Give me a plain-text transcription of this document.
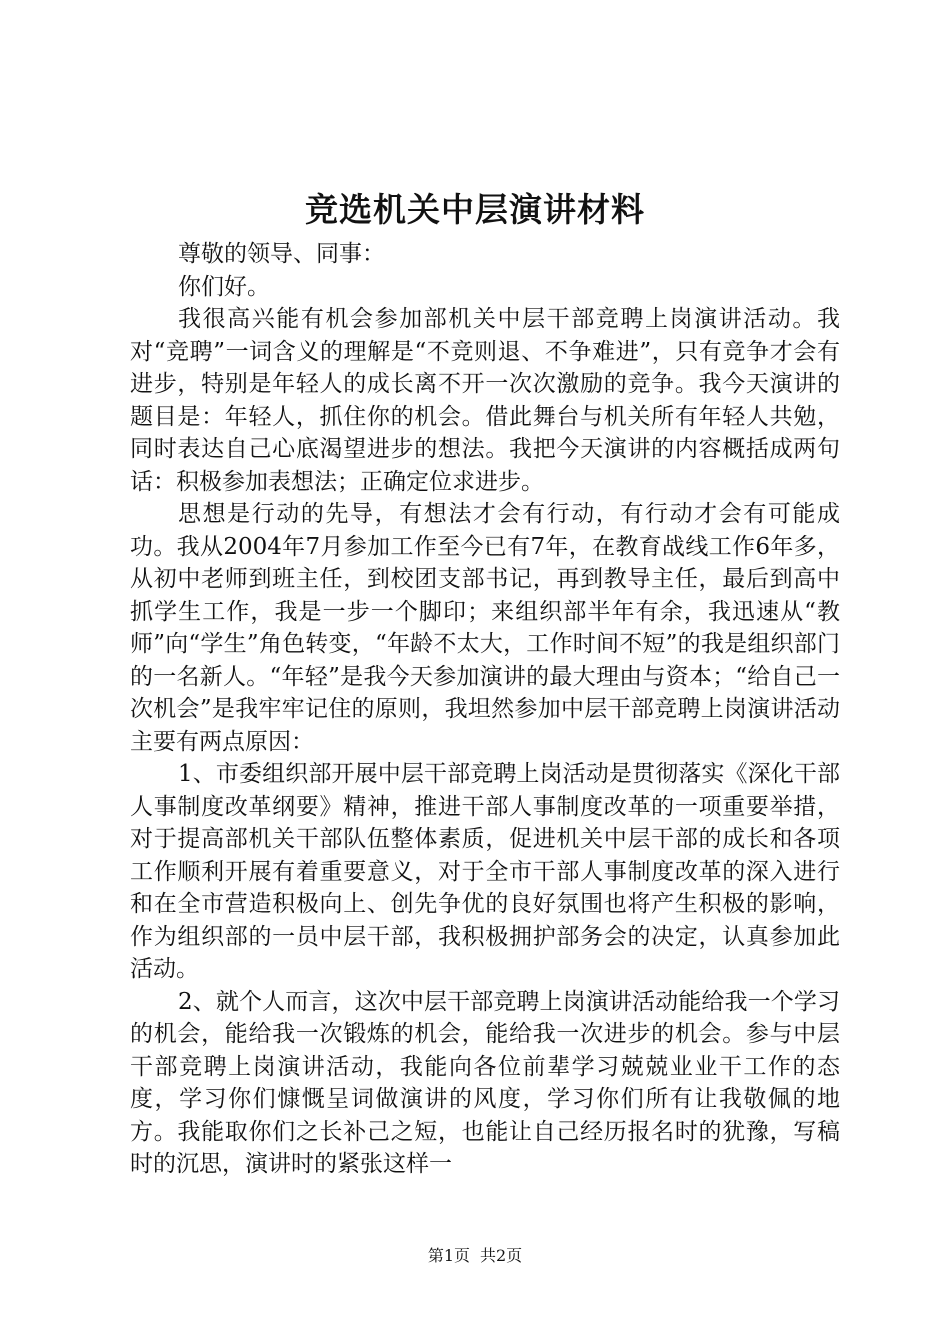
竞选机关中层演讲材料

尊敬的领导、同事：

你们好。

我很高兴能有机会参加部机关中层干部竞聘上岗演讲活动。我对“竞聘”一词含义的理解是“不竞则退、不争难进”，只有竞争才会有进步，特别是年轻人的成长离不开一次次激励的竞争。我今天演讲的题目是：年轻人，抓住你的机会。借此舞台与机关所有年轻人共勉，同时表达自己心底渴望进步的想法。我把今天演讲的内容概括成两句话：积极参加表想法；正确定位求进步。

思想是行动的先导，有想法才会有行动，有行动才会有可能成功。我从2004年7月参加工作至今已有7年，在教育战线工作6年多，从初中老师到班主任，到校团支部书记，再到教导主任，最后到高中抓学生工作，我是一步一个脚印；来组织部半年有余，我迅速从“教师”向“学生”角色转变，“年龄不太大，工作时间不短”的我是组织部门的一名新人。“年轻”是我今天参加演讲的最大理由与资本；“给自己一次机会”是我牢牢记住的原则，我坦然参加中层干部竞聘上岗演讲活动主要有两点原因：

1、市委组织部开展中层干部竞聘上岗活动是贯彻落实《深化干部人事制度改革纲要》精神，推进干部人事制度改革的一项重要举措，对于提高部机关干部队伍整体素质，促进机关中层干部的成长和各项工作顺利开展有着重要意义，对于全市干部人事制度改革的深入进行和在全市营造积极向上、创先争优的良好氛围也将产生积极的影响，作为组织部的一员中层干部，我积极拥护部务会的决定，认真参加此活动。

2、就个人而言，这次中层干部竞聘上岗演讲活动能给我一个学习的机会，能给我一次锻炼的机会，能给我一次进步的机会。参与中层干部竞聘上岗演讲活动，我能向各位前辈学习兢兢业业干工作的态度，学习你们慷慨呈词做演讲的风度，学习你们所有让我敬佩的地方。我能取你们之长补己之短，也能让自己经历报名时的犹豫，写稿时的沉思，演讲时的紧张这样一

第1页 共2页
